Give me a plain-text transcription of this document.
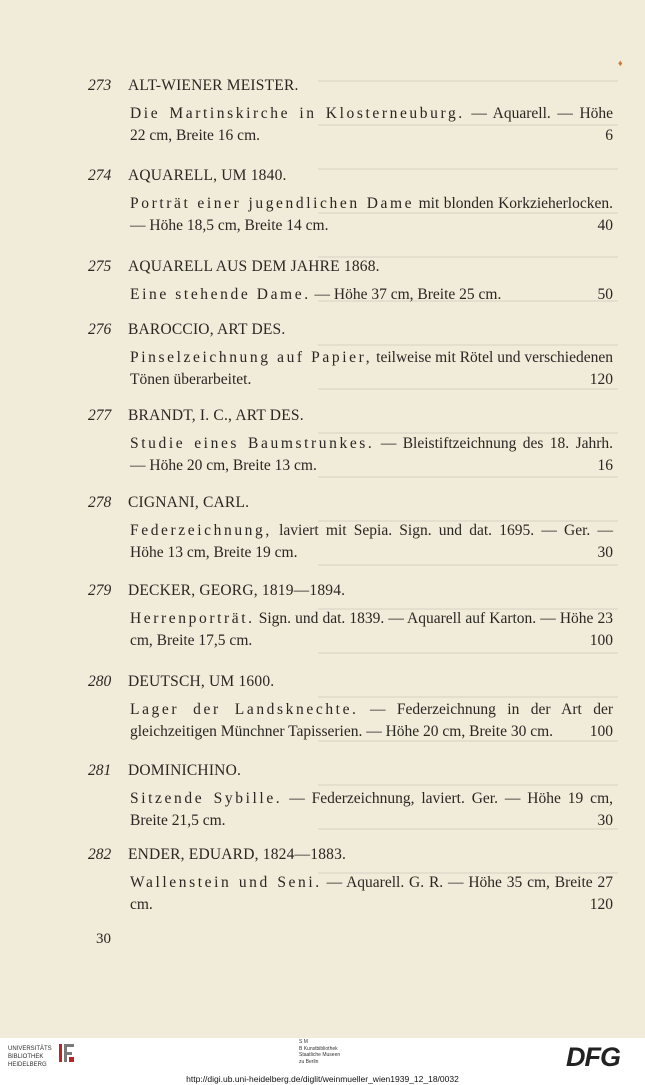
♦
273 ALT-WIENER MEISTER.
Die Martinskirche in Klosterneuburg. — Aquarell. — Höhe 22 cm, Breite 16 cm.	6
274 AQUARELL, UM 1840.
Porträt einer jugendlichen Dame mit blonden Korkzieherlocken. — Höhe 18,5 cm, Breite 14 cm.	40
275 AQUARELL AUS DEM JAHRE 1868.
Eine stehende Dame. — Höhe 37 cm, Breite 25 cm.	50
276 BAROCCIO, ART DES.
Pinselzeichnung auf Papier, teilweise mit Rötel und verschiedenen Tönen überarbeitet.	120
277 BRANDT, I. C., ART DES.
Studie eines Baumstrunkes. — Bleistiftzeichnung des 18. Jahrh. — Höhe 20 cm, Breite 13 cm.	16
278 CIGNANI, CARL.
Federzeichnung, laviert mit Sepia. Sign. und dat. 1695. — Ger. — Höhe 13 cm, Breite 19 cm.	30
279 DECKER, GEORG, 1819—1894.
Herrenporträt. Sign. und dat. 1839. — Aquarell auf Karton. — Höhe 23 cm, Breite 17,5 cm.	100
280 DEUTSCH, UM 1600.
Lager der Landsknechte. — Federzeichnung in der Art der gleichzeitigen Münchner Tapisserien. — Höhe 20 cm, Breite 30 cm. 100
281 DOMINICHINO.
Sitzende Sybille. — Federzeichnung, laviert. Ger. — Höhe 19 cm, Breite 21,5 cm.	30
282 ENDER, EDUARD, 1824—1883.
Wallenstein und Seni. — Aquarell. G. R. — Höhe 35 cm, Breite 27 cm.	120
30
UNIVERSITÄTS
BIBLIOTHEK
HEIDELBERG
S M
B Kunstbibliothek
Staatliche Museen
zu Berlin	DFG
http://digi.ub.uni-heidelberg.de/diglit/weinmueller_wien1939_12_18/0032
